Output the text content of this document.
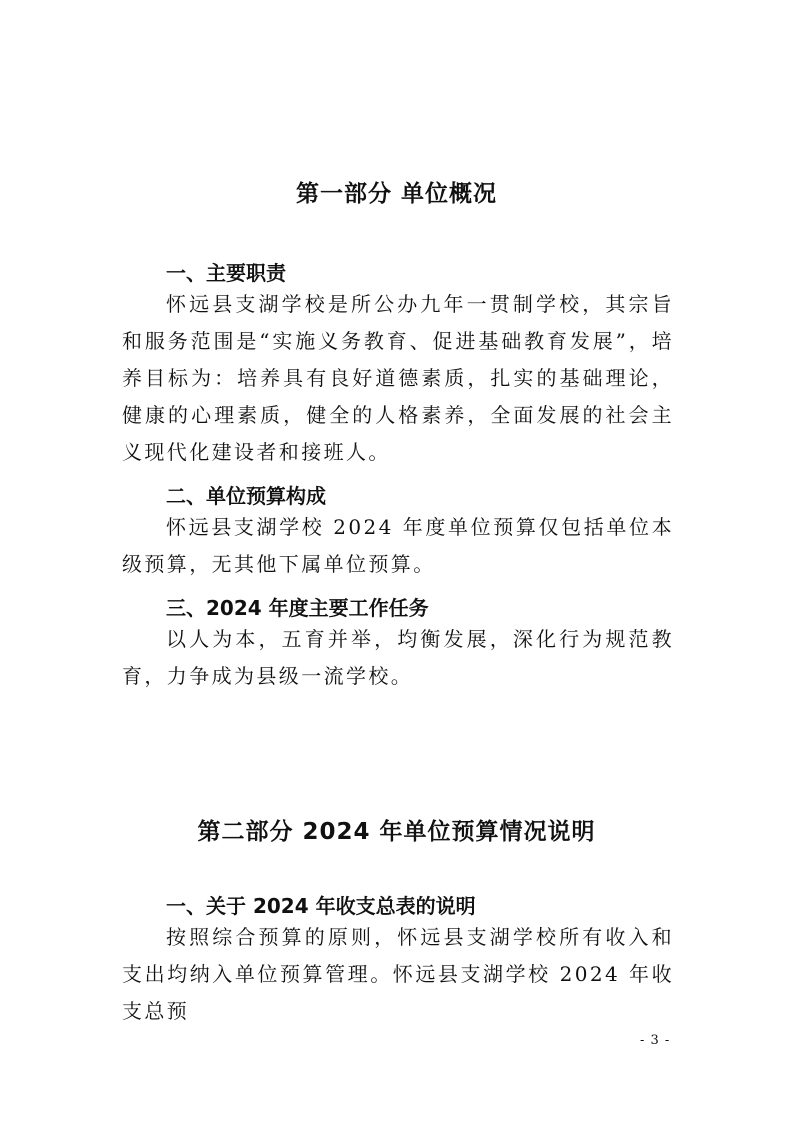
第一部分 单位概况
一、主要职责

怀远县支湖学校是所公办九年一贯制学校，其宗旨和服务范围是“实施义务教育、促进基础教育发展”，培养目标为：培养具有良好道德素质，扎实的基础理论，健康的心理素质，健全的人格素养，全面发展的社会主义现代化建设者和接班人。

二、单位预算构成

怀远县支湖学校 2024 年度单位预算仅包括单位本级预算，无其他下属单位预算。

三、2024 年度主要工作任务

以人为本，五育并举，均衡发展，深化行为规范教育，力争成为县级一流学校。

第二部分 2024 年单位预算情况说明
一、关于 2024 年收支总表的说明

按照综合预算的原则，怀远县支湖学校所有收入和支出均纳入单位预算管理。怀远县支湖学校 2024 年收支总预

- 3 -
